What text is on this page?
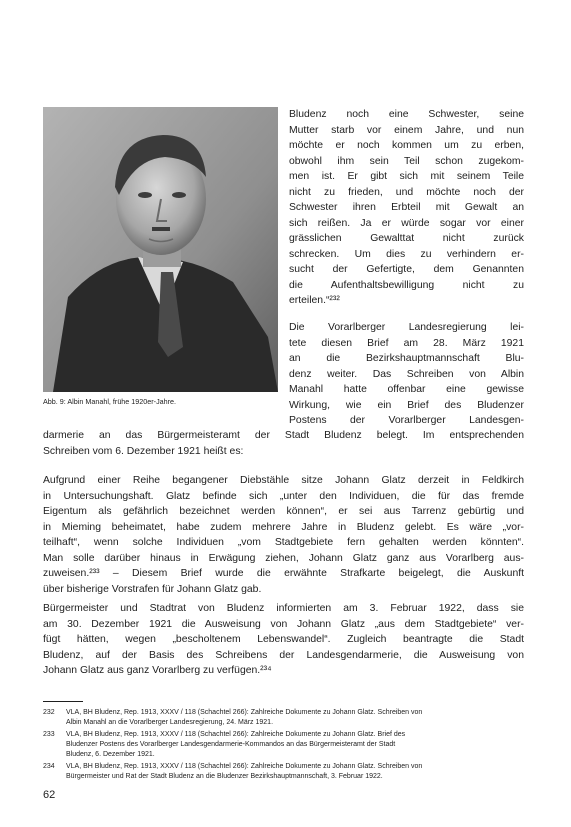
Abb. 9: Albin Manahl, frühe 1920er-Jahre.
Bludenz noch eine Schwester, seine
Mutter starb vor einem Jahre, und nun
möchte er noch kommen um zu erben,
obwohl ihm sein Teil schon zugekom-
men ist. Er gibt sich mit seinem Teile
nicht zu frieden, und möchte noch der
Schwester ihren Erbteil mit Gewalt an
sich reißen. Ja er würde sogar vor einer
grässlichen Gewalttat nicht zurück
schrecken. Um dies zu verhindern er-
sucht der Gefertigte, dem Genannten
die Aufenthaltsbewilligung nicht zu
erteilen.“²³²
Die Vorarlberger Landesregierung lei-
tete diesen Brief am 28. März 1921
an die Bezirkshauptmannschaft Blu-
denz weiter. Das Schreiben von Albin
Manahl hatte offenbar eine gewisse
Wirkung, wie ein Brief des Bludenzer
Postens der Vorarlberger Landesgen-
darmerie an das Bürgermeisteramt der Stadt Bludenz belegt. Im entsprechenden
Schreiben vom 6. Dezember 1921 heißt es:
Aufgrund einer Reihe begangener Diebstähle sitze Johann Glatz derzeit in Feldkirch
in Untersuchungshaft. Glatz befinde sich „unter den Individuen, die für das fremde
Eigentum als gefährlich bezeichnet werden können“, er sei aus Tarrenz gebürtig und
in Mieming beheimatet, habe zudem mehrere Jahre in Bludenz gelebt. Es wäre „vor-
teilhaft“, wenn solche Individuen „vom Stadtgebiete fern gehalten werden könnten“.
Man solle darüber hinaus in Erwägung ziehen, Johann Glatz ganz aus Vorarlberg aus-
zuweisen.²³³ – Diesem Brief wurde die erwähnte Strafkarte beigelegt, die Auskunft
über bisherige Vorstrafen für Johann Glatz gab.
Bürgermeister und Stadtrat von Bludenz informierten am 3. Februar 1922, dass sie
am 30. Dezember 1921 die Ausweisung von Johann Glatz „aus dem Stadtgebiete“ ver-
fügt hätten, wegen „bescholtenem Lebenswandel“. Zugleich beantragte die Stadt
Bludenz, auf der Basis des Schreibens der Landesgendarmerie, die Ausweisung von
Johann Glatz aus ganz Vorarlberg zu verfügen.²³⁴
232	VLA, BH Bludenz, Rep. 1913, XXXV / 118 (Schachtel 266): Zahlreiche Dokumente zu Johann Glatz. Schreiben von
Albin Manahl an die Vorarlberger Landesregierung, 24. März 1921.
233	VLA, BH Bludenz, Rep. 1913, XXXV / 118 (Schachtel 266): Zahlreiche Dokumente zu Johann Glatz. Brief des
Bludenzer Postens des Vorarlberger Landesgendarmerie-Kommandos an das Bürgermeisteramt der Stadt
Bludenz, 6. Dezember 1921.
234	VLA, BH Bludenz, Rep. 1913, XXXV / 118 (Schachtel 266): Zahlreiche Dokumente zu Johann Glatz. Schreiben von
Bürgermeister und Rat der Stadt Bludenz an die Bludenzer Bezirkshauptmannschaft, 3. Februar 1922.
62
